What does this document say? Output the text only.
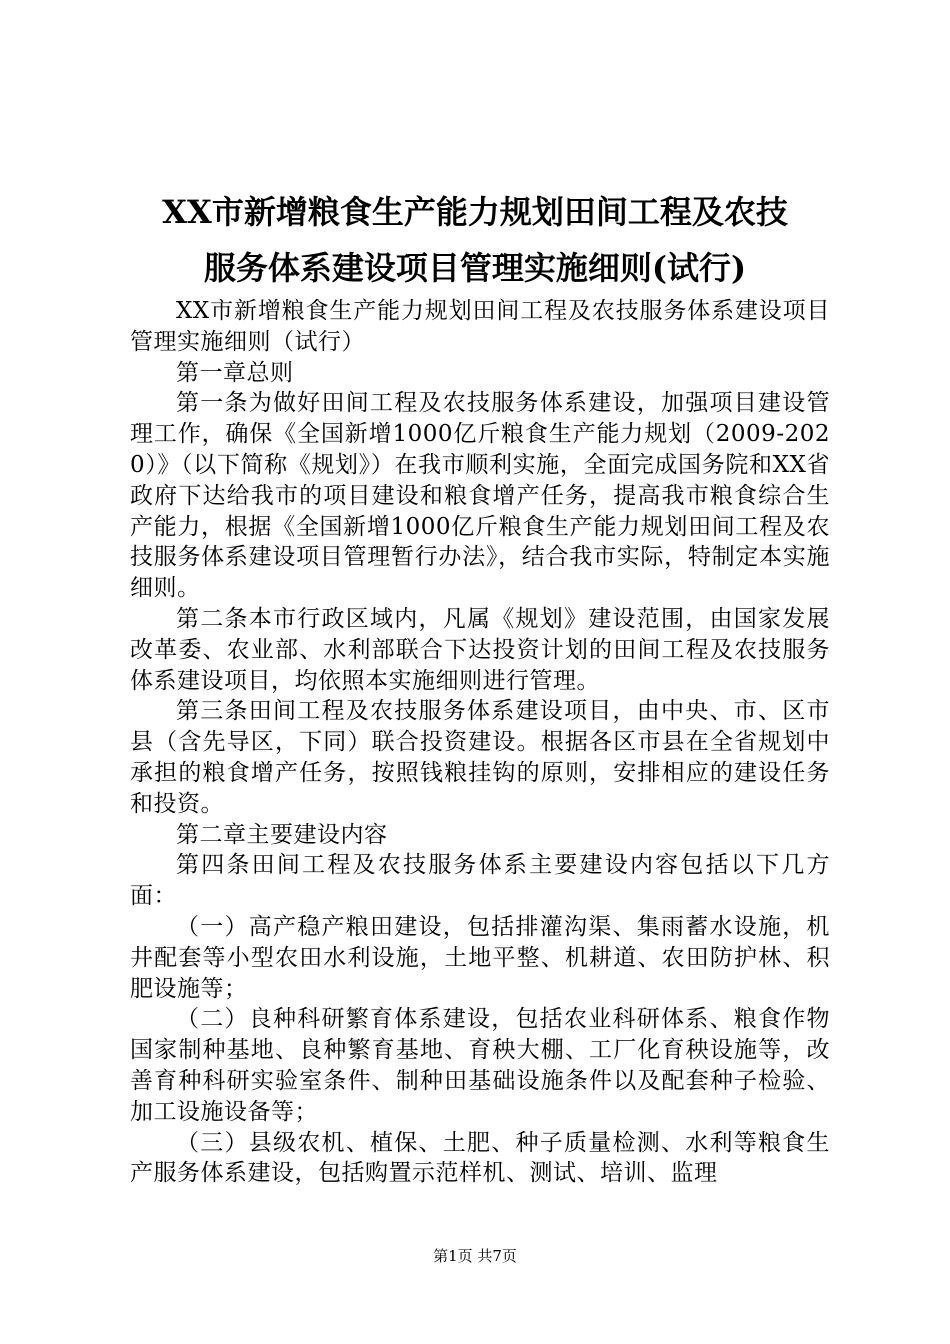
XX市新增粮食生产能力规划田间工程及农技
服务体系建设项目管理实施细则(试行)

XX市新增粮食生产能力规划田间工程及农技服务体系建设项目管理实施细则（试行）

第一章总则

第一条为做好田间工程及农技服务体系建设，加强项目建设管理工作，确保《全国新增1000亿斤粮食生产能力规划（2009-2020）》（以下简称《规划》）在我市顺利实施，全面完成国务院和XX省政府下达给我市的项目建设和粮食增产任务，提高我市粮食综合生产能力，根据《全国新增1000亿斤粮食生产能力规划田间工程及农技服务体系建设项目管理暂行办法》，结合我市实际，特制定本实施细则。

第二条本市行政区域内，凡属《规划》建设范围，由国家发展改革委、农业部、水利部联合下达投资计划的田间工程及农技服务体系建设项目，均依照本实施细则进行管理。

第三条田间工程及农技服务体系建设项目，由中央、市、区市县（含先导区，下同）联合投资建设。根据各区市县在全省规划中承担的粮食增产任务，按照钱粮挂钩的原则，安排相应的建设任务和投资。

第二章主要建设内容

第四条田间工程及农技服务体系主要建设内容包括以下几方面：

（一）高产稳产粮田建设，包括排灌沟渠、集雨蓄水设施，机井配套等小型农田水利设施，土地平整、机耕道、农田防护林、积肥设施等；

（二）良种科研繁育体系建设，包括农业科研体系、粮食作物国家制种基地、良种繁育基地、育秧大棚、工厂化育秧设施等，改善育种科研实验室条件、制种田基础设施条件以及配套种子检验、加工设施设备等；

（三）县级农机、植保、土肥、种子质量检测、水利等粮食生产服务体系建设，包括购置示范样机、测试、培训、监理

第1页 共7页
